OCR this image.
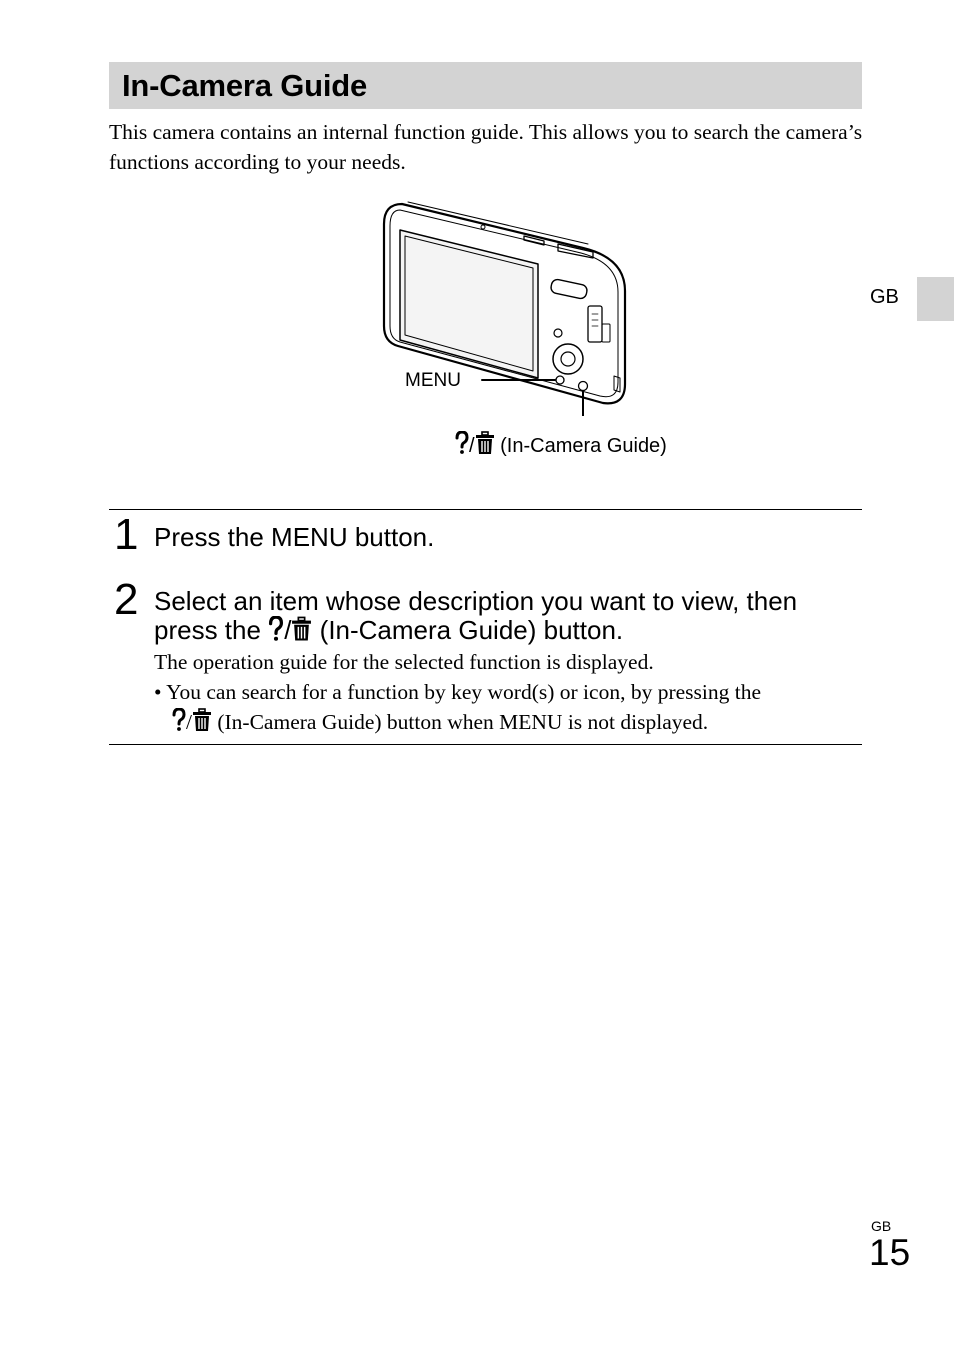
In-Camera Guide

This camera contains an internal function guide. This allows you to search the camera’s functions according to your needs.

GB
MENU
/ (In-Camera Guide)
1 Press the MENU button.

2 Select an item whose description you want to view, then

press the / (In-Camera Guide) button.

The operation guide for the selected function is displayed.

• You can search for a function by key word(s) or icon, by pressing the
/ (In-Camera Guide) button when MENU is not displayed.
GB
15
